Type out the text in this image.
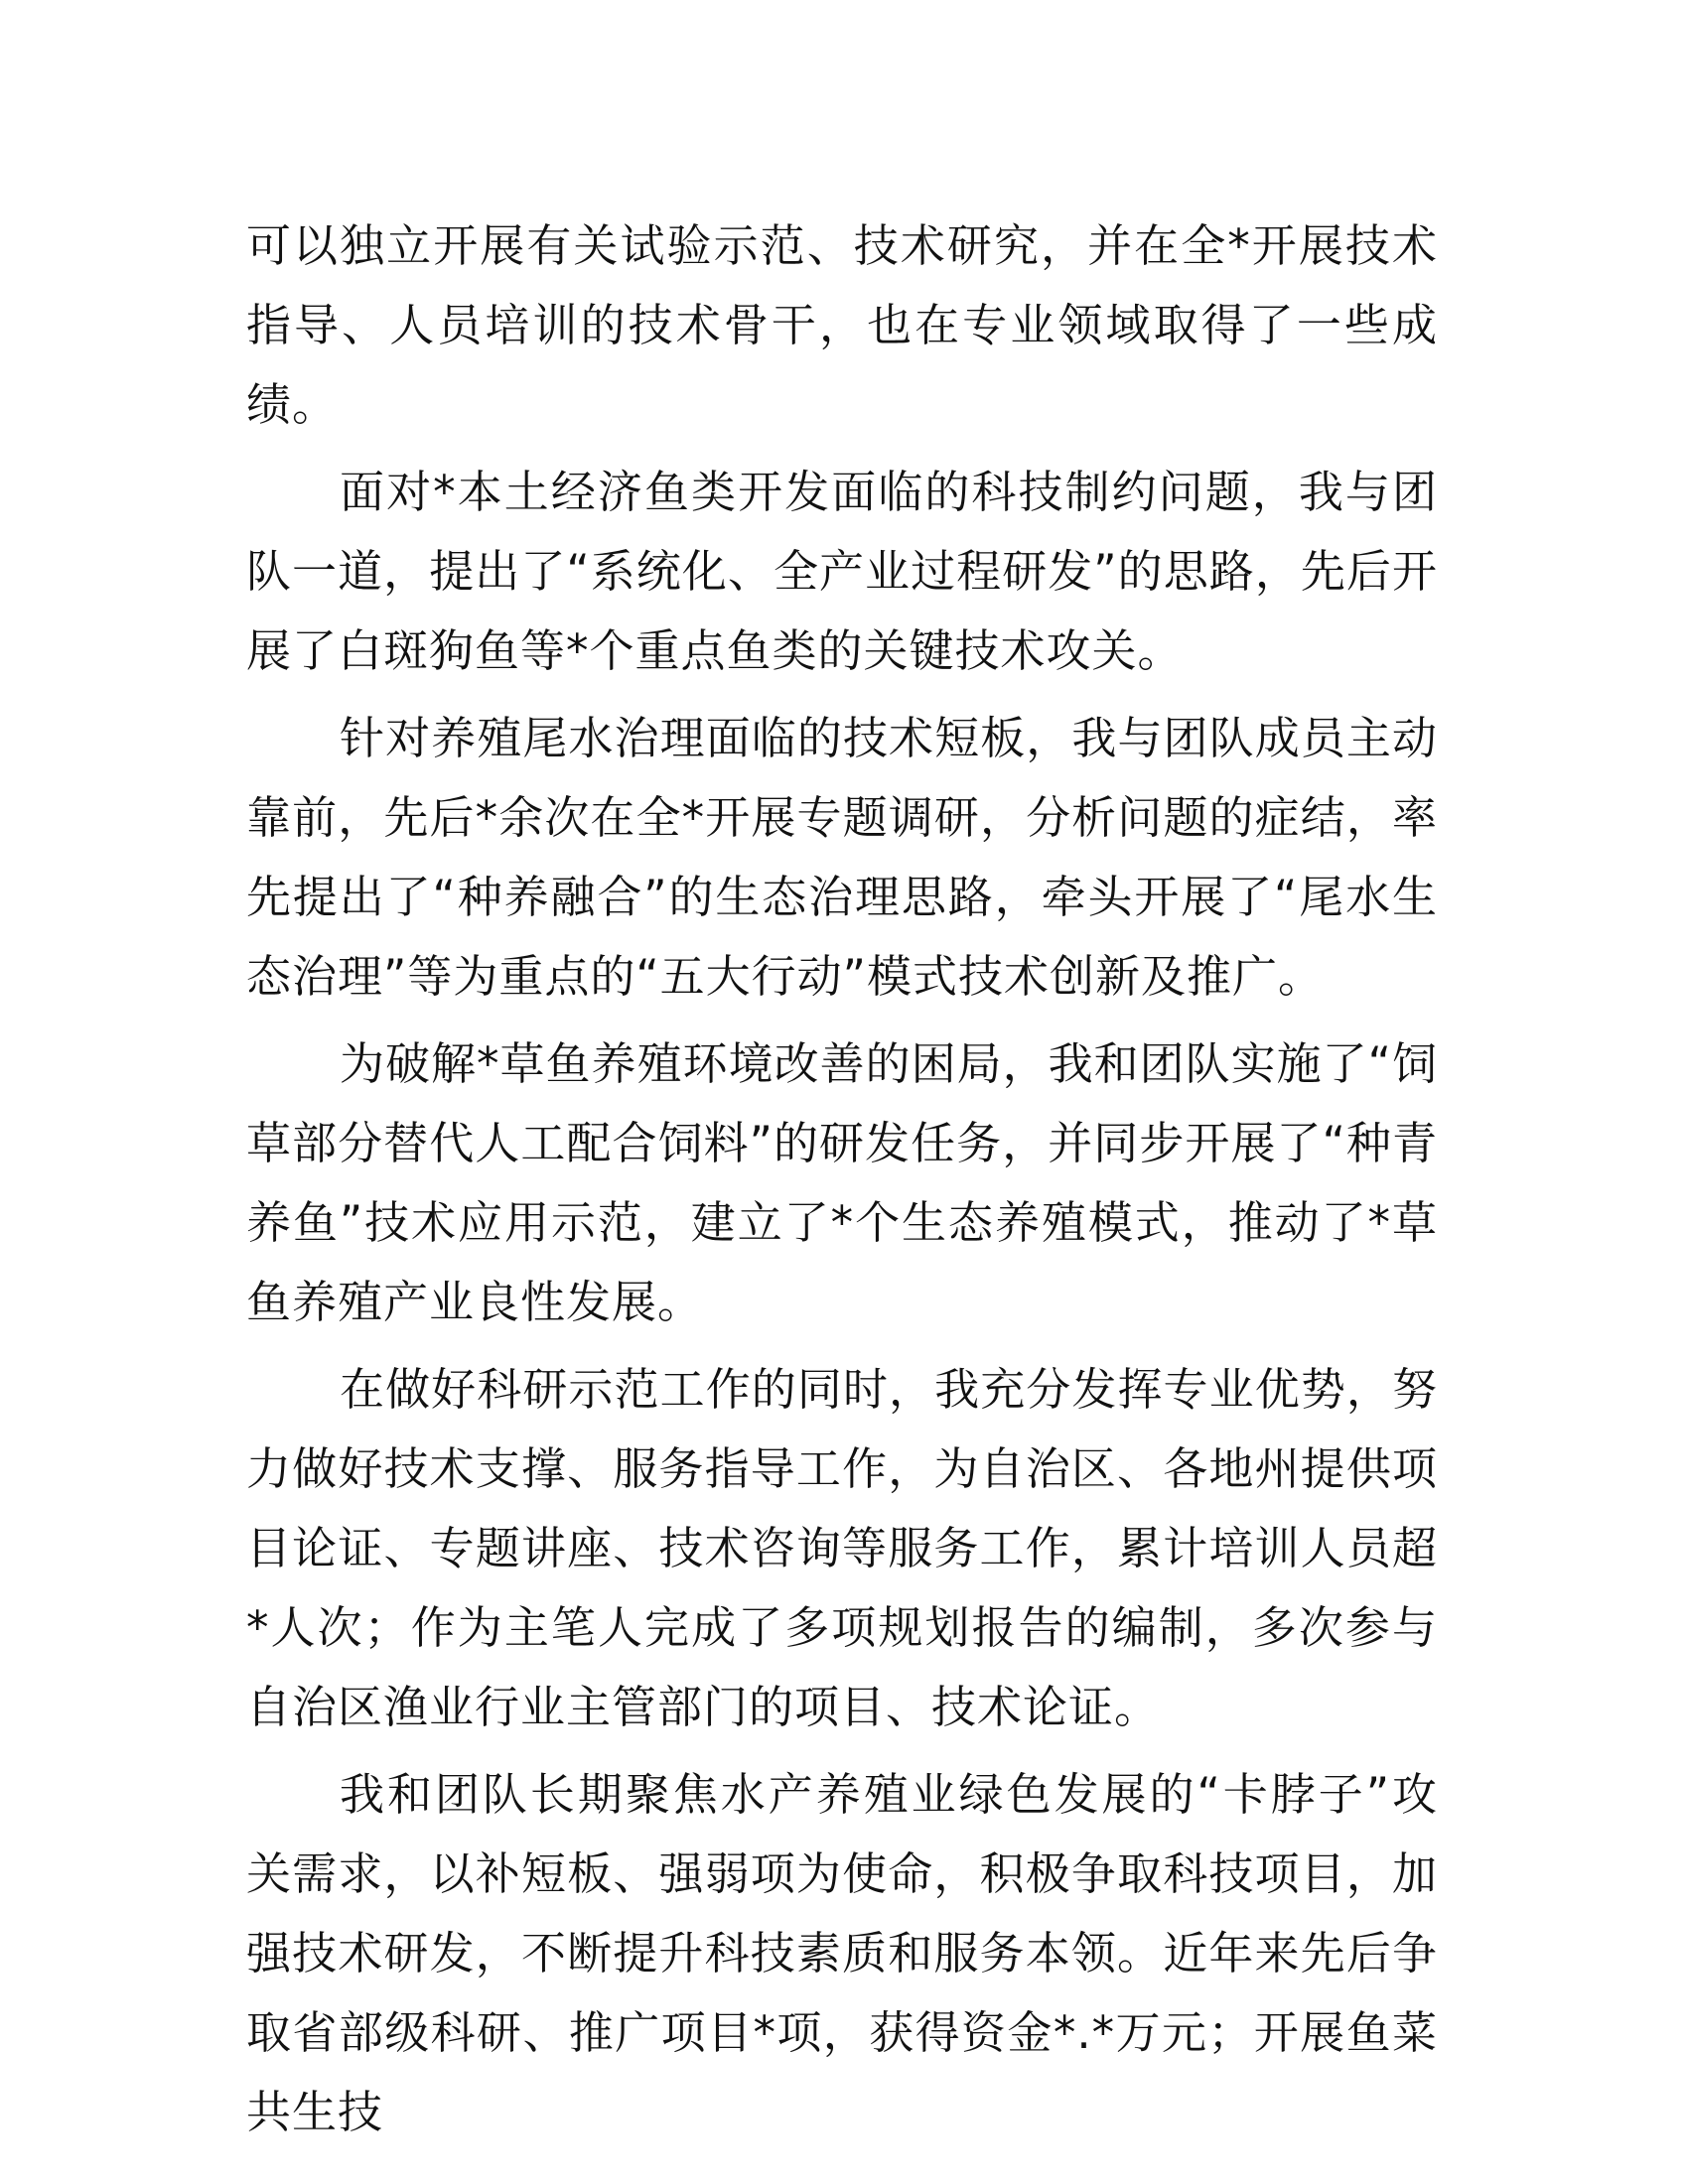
可以独立开展有关试验示范、技术研究，并在全*开展技术指导、人员培训的技术骨干，也在专业领域取得了一些成绩。

面对*本土经济鱼类开发面临的科技制约问题，我与团队一道，提出了“系统化、全产业过程研发”的思路，先后开展了白斑狗鱼等*个重点鱼类的关键技术攻关。

针对养殖尾水治理面临的技术短板，我与团队成员主动靠前，先后*余次在全*开展专题调研，分析问题的症结，率先提出了“种养融合”的生态治理思路，牵头开展了“尾水生态治理”等为重点的“五大行动”模式技术创新及推广。

为破解*草鱼养殖环境改善的困局，我和团队实施了“饲草部分替代人工配合饲料”的研发任务，并同步开展了“种青养鱼”技术应用示范，建立了*个生态养殖模式，推动了*草鱼养殖产业良性发展。

在做好科研示范工作的同时，我充分发挥专业优势，努力做好技术支撑、服务指导工作，为自治区、各地州提供项目论证、专题讲座、技术咨询等服务工作，累计培训人员超*人次；作为主笔人完成了多项规划报告的编制，多次参与自治区渔业行业主管部门的项目、技术论证。

我和团队长期聚焦水产养殖业绿色发展的“卡脖子”攻关需求，以补短板、强弱项为使命，积极争取科技项目，加强技术研发，不断提升科技素质和服务本领。近年来先后争取省部级科研、推广项目*项，获得资金*.*万元；开展鱼菜共生技
